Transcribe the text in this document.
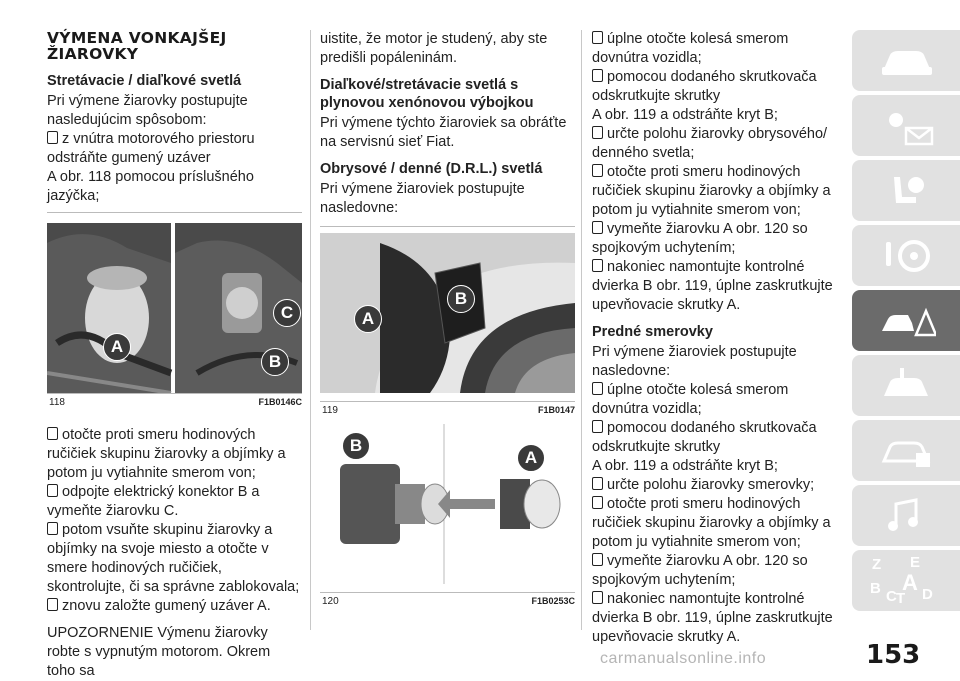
VÝMENA VONKAJŠEJ ŽIAROVKY
Stretávacie / diaľkové svetlá

Pri výmene žiarovky postupujte nasledujúcim spôsobom:

z vnútra motorového priestoru odstráňte gumený uzáver

A obr. 118 pomocou príslušného jazýčka;

A
C
B
118	F1B0146C

otočte proti smeru hodinových ručičiek skupinu žiarovky a objímky a potom ju vytiahnite smerom von;

odpojte elektrický konektor B a vymeňte žiarovku C.

potom vsuňte skupinu žiarovky a objímky na svoje miesto a otočte v smere hodinových ručičiek, skontrolujte, či sa správne zablokovala;

znovu založte gumený uzáver A.

UPOZORNENIE Výmenu žiarovky robte s vypnutým motorom. Okrem toho sa

uistite, že motor je studený, aby ste predišli popáleninám.

Diaľkové/stretávacie svetlá s plynovou xenónovou výbojkou

Pri výmene týchto žiaroviek sa obráťte na servisnú sieť Fiat.

Obrysové / denné (D.R.L.) svetlá

Pri výmene žiaroviek postupujte nasledovne:

A
B
119	F1B0147
B
A
120	F1B0253C

úplne otočte kolesá smerom dovnútra vozidla;

pomocou dodaného skrutkovača odskrutkujte skrutky

A obr. 119 a odstráňte kryt B;

určte polohu žiarovky obrysového/ denného svetla;

otočte proti smeru hodinových ručičiek skupinu žiarovky a objímky a potom ju vytiahnite smerom von;

vymeňte žiarovku A obr. 120 so spojkovým uchytením;

nakoniec namontujte kontrolné dvierka B obr. 119, úplne zaskrutkujte upevňovacie skrutky A.

Predné smerovky

Pri výmene žiaroviek postupujte nasledovne:

úplne otočte kolesá smerom dovnútra vozidla;

pomocou dodaného skrutkovača odskrutkujte skrutky

A obr. 119 a odstráňte kryt B;

určte polohu žiarovky smerovky;

otočte proti smeru hodinových ručičiek skupinu žiarovky a objímky a potom ju vytiahnite smerom von;

vymeňte žiarovku A obr. 120 so spojkovým uchytením;

nakoniec namontujte kontrolné dvierka B obr. 119, úplne zaskrutkujte upevňovacie skrutky A.

Z E
B A
C T D
153
carmanualsonline.info
